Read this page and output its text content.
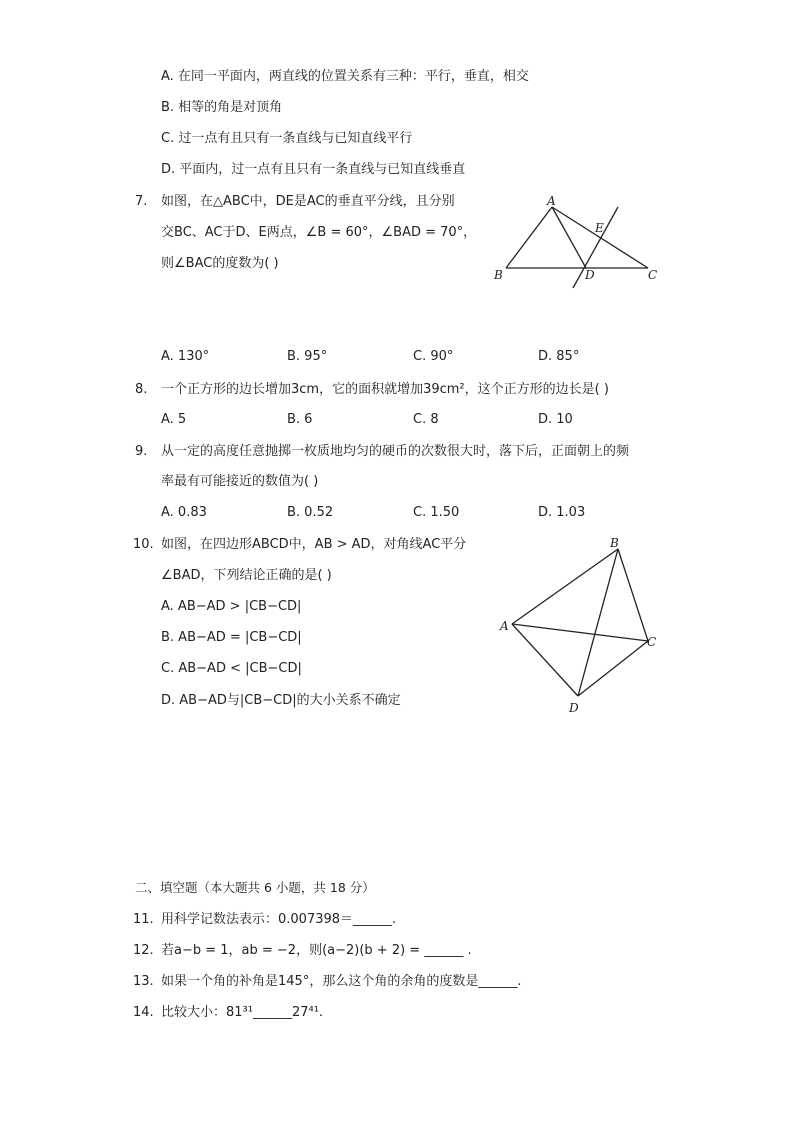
A. 在同一平面内，两直线的位置关系有三种：平行，垂直，相交
B. 相等的角是对顶角
C. 过一点有且只有一条直线与已知直线平行
D. 平面内，过一点有且只有一条直线与已知直线垂直
7. 如图，在△ABC中，DE是AC的垂直平分线，且分别
交BC、AC于D、E两点，∠B = 60°，∠BAD = 70°，
则∠BAC的度数为( )
A
B	C
D
E
A. 130°	B. 95°	C. 90°	D. 85°
8. 一个正方形的边长增加3cm，它的面积就增加39cm²，这个正方形的边长是( )
A. 5	B. 6	C. 8	D. 10
9. 从一定的高度任意抛掷一枚质地均匀的硬币的次数很大时，落下后，正面朝上的频
率最有可能接近的数值为( )
A. 0.83	B. 0.52	C. 1.50	D. 1.03
10. 如图，在四边形ABCD中，AB > AD，对角线AC平分
∠BAD，下列结论正确的是( )
A. AB−AD > |CB−CD|
B. AB−AD = |CB−CD|
C. AB−AD < |CB−CD|
D. AB−AD与|CB−CD|的大小关系不确定
A
B
C
D
二、填空题（本大题共 6 小题，共 18 分）
11. 用科学记数法表示：0.007398＝______.
12. 若a−b = 1，ab = −2，则(a−2)(b + 2) = ______ .
13. 如果一个角的补角是145°，那么这个角的余角的度数是______.
14. 比较大小：81³¹______27⁴¹.
